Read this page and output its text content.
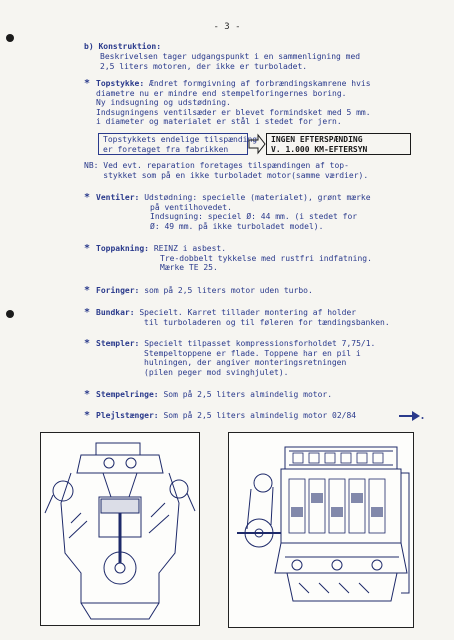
- 3 -
b) Konstruktion:
Beskrivelsen tager udgangspunkt i en sammenligning med
2,5 liters motoren, der ikke er turboladet.
* Topstykke: Ændret formgivning af forbrændingskamrene hvis
diametre nu er mindre end stempelforingernes boring.
Ny indsugning og udstødning.
Indsugningens ventilsæder er blevet formindsket med 5 mm.
i diameter og materialet er stål i stedet for jern.
Topstykkets endelige tilspænding
er foretaget fra fabrikken
INGEN EFTERSPÆNDING
V. 1.000 KM-EFTERSYN
NB: Ved evt. reparation foretages tilspændingen af top-
stykket som på en ikke turboladet motor(samme værdier).
* Ventiler: Udstødning: specielle (materialet), grønt mærke
på ventilhovedet.
Indsugning: speciel Ø: 44 mm. (i stedet for
Ø: 49 mm. på ikke turboladet model).
* Toppakning: REINZ i asbest.
Tre-dobbelt tykkelse med rustfri indfatning.
Mærke TE 25.
* Foringer: som på 2,5 liters motor uden turbo.
* Bundkar: Specielt. Karret tillader montering af holder
til turboladeren og til føleren for tændingsbanken.
* Stempler: Specielt tilpasset kompressionsforholdet 7,75/1.
Stempeltoppene er flade. Toppene har en pil i
hulningen, der angiver monteringsretningen
(pilen peger mod svinghjulet).
* Stempelringe: Som på 2,5 liters almindelig motor.
* Plejlstænger: Som på 2,5 liters almindelig motor 02/84
